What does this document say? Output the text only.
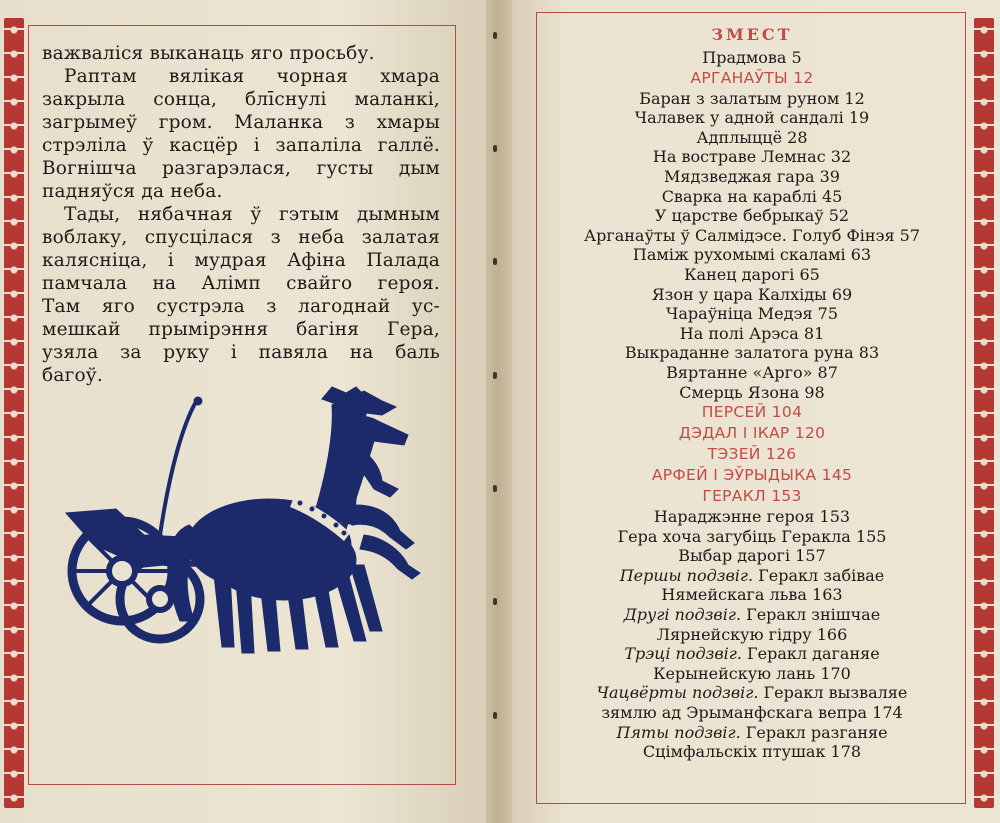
важваліся выканаць яго просьбу.
Раптам вялікая чорная хмара
закрыла сонца, блīснулі маланкі,
загрымеў гром. Маланка з хмары
стрэліла ў касцёр і запаліла галлё.
Вогнішча разгарэлася, густы дым
падняўся да неба.
Тады, нябачная ў гэтым дымным
воблаку, спусцілася з неба залатая
калясніца, і мудрая Афіна Палада
памчала на Алімп свайго героя.
Там яго сустрэла з лагоднай ус-
мешкай прымірэння багіня Гера,
узяла за руку і павяла на баль
багоў.
ЗМЕСТ
Прадмова 5
АРГАНАЎТЫ 12
Баран з залатым руном 12
Чалавек у адной сандалі 19
Адплыццё 28
На востраве Лемнас 32
Мядзведжая гара 39
Сварка на караблі 45
У царстве бебрыкаў 52
Арганаўты ў Салмідэсе. Голуб Фінэя 57
Паміж рухомымі скаламі 63
Канец дарогі 65
Язон у цара Калхіды 69
Чараўніца Медэя 75
На полі Арэса 81
Выкраданне залатога руна 83
Вяртанне «Арго» 87
Смерць Язона 98
ПЕРСЕЙ 104
ДЭДАЛ І ІКАР 120
ТЭЗЕЙ 126
АРФЕЙ І ЭЎРЫДЫКА 145
ГЕРАКЛ 153
Нараджэнне героя 153
Гера хоча загубіць Геракла 155
Выбар дарогі 157
Першы подзвіг. Геракл забівае
Нямейскага льва 163
Другі подзвіг. Геракл знішчае
Лярнейскую гідру 166
Трэці подзвіг. Геракл даганяе
Керынейскую лань 170
Чацвёрты подзвіг. Геракл вызваляе
зямлю ад Эрыманфскага вепра 174
Пяты подзвіг. Геракл разганяе
Сцімфальскіх птушак 178
